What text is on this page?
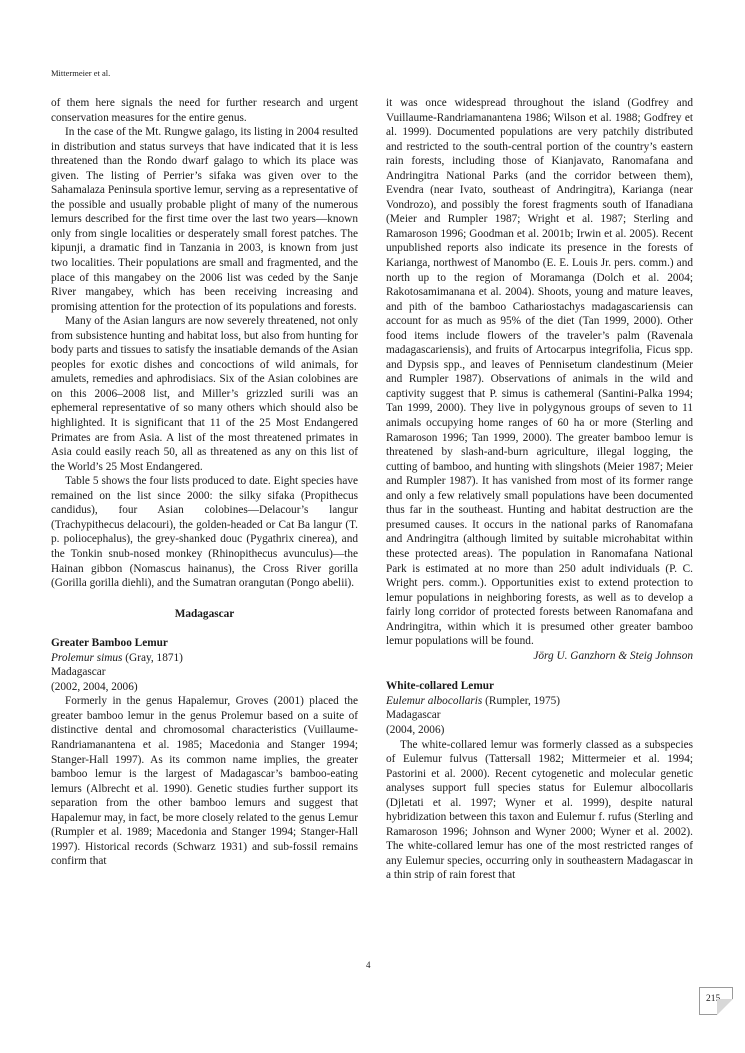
Mittermeier et al.

of them here signals the need for further research and urgent conservation measures for the entire genus.

In the case of the Mt. Rungwe galago, its listing in 2004 resulted in distribution and status surveys that have indicated that it is less threatened than the Rondo dwarf galago to which its place was given. The listing of Perrier’s sifaka was given over to the Sahamalaza Peninsula sportive lemur, serving as a representative of the possible and usually probable plight of many of the numerous lemurs described for the first time over the last two years—known only from single localities or desperately small forest patches. The kipunji, a dramatic find in Tanzania in 2003, is known from just two localities. Their populations are small and fragmented, and the place of this mangabey on the 2006 list was ceded by the Sanje River mangabey, which has been receiving increasing and promising attention for the protection of its populations and forests.

Many of the Asian langurs are now severely threatened, not only from subsistence hunting and habitat loss, but also from hunting for body parts and tissues to satisfy the insatiable demands of the Asian peoples for exotic dishes and concoctions of wild animals, for amulets, remedies and aphrodisiacs. Six of the Asian colobines are on this 2006–2008 list, and Miller’s grizzled surili was an ephemeral representative of so many others which should also be highlighted. It is significant that 11 of the 25 Most Endangered Primates are from Asia. A list of the most threatened primates in Asia could easily reach 50, all as threatened as any on this list of the World’s 25 Most Endangered.

Table 5 shows the four lists produced to date. Eight species have remained on the list since 2000: the silky sifaka (Propithecus candidus), four Asian colobines—Delacour’s langur (Trachypithecus delacouri), the golden-headed or Cat Ba langur (T. p. poliocephalus), the grey-shanked douc (Pygathrix cinerea), and the Tonkin snub-nosed monkey (Rhinopithecus avunculus)—the Hainan gibbon (Nomascus hainanus), the Cross River gorilla (Gorilla gorilla diehli), and the Sumatran orangutan (Pongo abelii).

Madagascar
Greater Bamboo Lemur
Prolemur simus (Gray, 1871)
Madagascar
(2002, 2004, 2006)

Formerly in the genus Hapalemur, Groves (2001) placed the greater bamboo lemur in the genus Prolemur based on a suite of distinctive dental and chromosomal characteristics (Vuillaume-Randriamanantena et al. 1985; Macedonia and Stanger 1994; Stanger-Hall 1997). As its common name implies, the greater bamboo lemur is the largest of Madagascar’s bamboo-eating lemurs (Albrecht et al. 1990). Genetic studies further support its separation from the other bamboo lemurs and suggest that Hapalemur may, in fact, be more closely related to the genus Lemur (Rumpler et al. 1989; Macedonia and Stanger 1994; Stanger-Hall 1997). Historical records (Schwarz 1931) and sub-fossil remains confirm that

it was once widespread throughout the island (Godfrey and Vuillaume-Randriamanantena 1986; Wilson et al. 1988; Godfrey et al. 1999). Documented populations are very patchily distributed and restricted to the south-central portion of the country’s eastern rain forests, including those of Kianjavato, Ranomafana and Andringitra National Parks (and the corridor between them), Evendra (near Ivato, southeast of Andringitra), Karianga (near Vondrozo), and possibly the forest fragments south of Ifanadiana (Meier and Rumpler 1987; Wright et al. 1987; Sterling and Ramaroson 1996; Goodman et al. 2001b; Irwin et al. 2005). Recent unpublished reports also indicate its presence in the forests of Karianga, northwest of Manombo (E. E. Louis Jr. pers. comm.) and north up to the region of Moramanga (Dolch et al. 2004; Rakotosamimanana et al. 2004). Shoots, young and mature leaves, and pith of the bamboo Cathariostachys madagascariensis can account for as much as 95% of the diet (Tan 1999, 2000). Other food items include flowers of the traveler’s palm (Ravenala madagascariensis), and fruits of Artocarpus integrifolia, Ficus spp. and Dypsis spp., and leaves of Pennisetum clandestinum (Meier and Rumpler 1987). Observations of animals in the wild and captivity suggest that P. simus is cathemeral (Santini-Palka 1994; Tan 1999, 2000). They live in polygynous groups of seven to 11 animals occupying home ranges of 60 ha or more (Sterling and Ramaroson 1996; Tan 1999, 2000). The greater bamboo lemur is threatened by slash-and-burn agriculture, illegal logging, the cutting of bamboo, and hunting with slingshots (Meier 1987; Meier and Rumpler 1987). It has vanished from most of its former range and only a few relatively small populations have been documented thus far in the southeast. Hunting and habitat destruction are the presumed causes. It occurs in the national parks of Ranomafana and Andringitra (although limited by suitable microhabitat within these protected areas). The population in Ranomafana National Park is estimated at no more than 250 adult individuals (P. C. Wright pers. comm.). Opportunities exist to extend protection to lemur populations in neighboring forests, as well as to develop a fairly long corridor of protected forests between Ranomafana and Andringitra, within which it is presumed other greater bamboo lemur populations will be found.

Jörg U. Ganzhorn & Steig Johnson

White-collared Lemur
Eulemur albocollaris (Rumpler, 1975)
Madagascar
(2004, 2006)

The white-collared lemur was formerly classed as a subspecies of Eulemur fulvus (Tattersall 1982; Mittermeier et al. 1994; Pastorini et al. 2000). Recent cytogenetic and molecular genetic analyses support full species status for Eulemur albocollaris (Djletati et al. 1997; Wyner et al. 1999), despite natural hybridization between this taxon and Eulemur f. rufus (Sterling and Ramaroson 1996; Johnson and Wyner 2000; Wyner et al. 2002). The white-collared lemur has one of the most restricted ranges of any Eulemur species, occurring only in southeastern Madagascar in a thin strip of rain forest that

4
215
